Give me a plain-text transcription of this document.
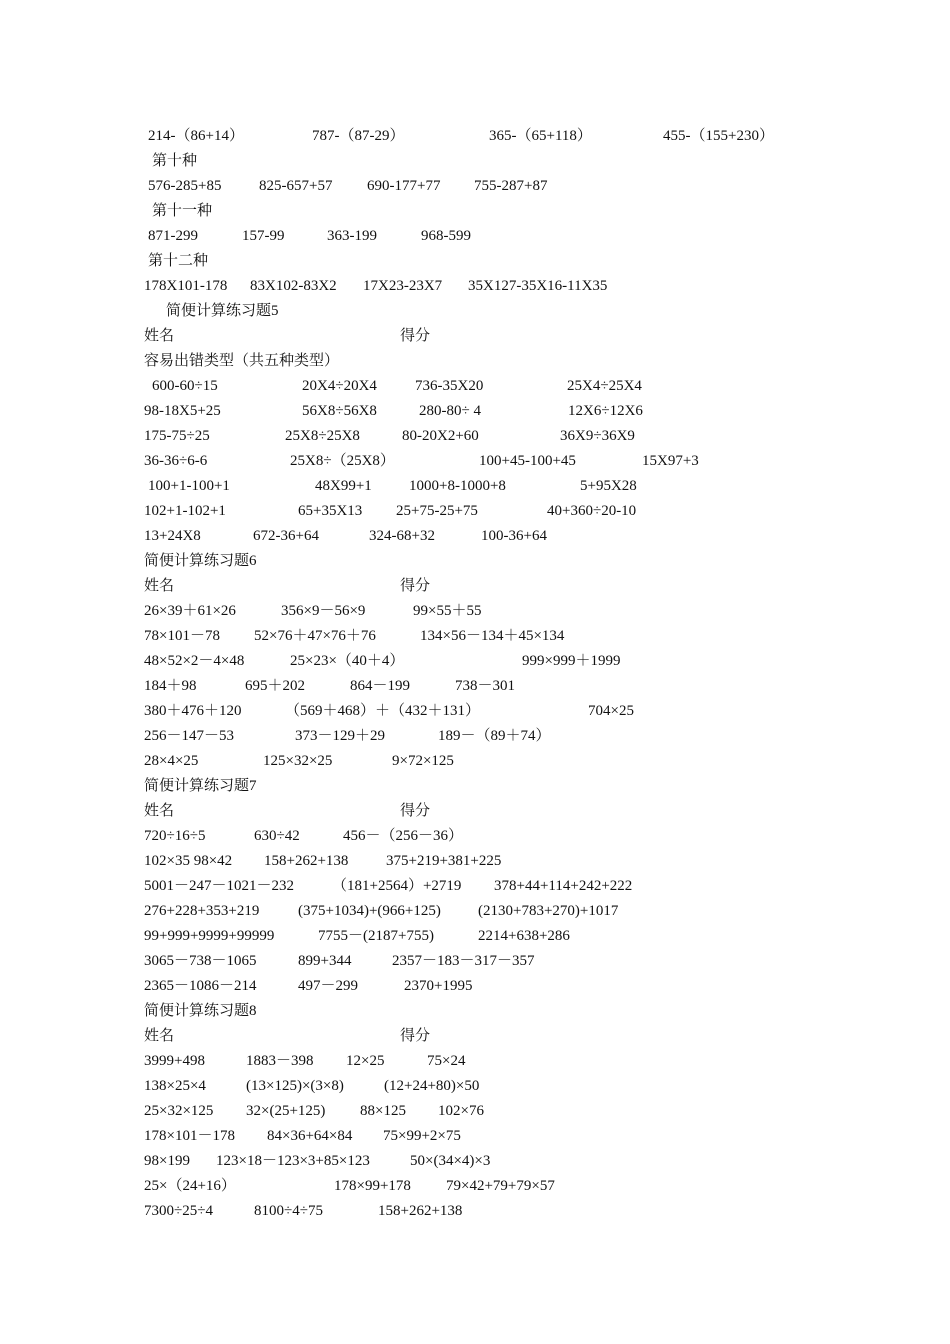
214-（86+14）	787-（87-29）	365-（65+118）	455-（155+230）
第十种
576-285+85	825-657+57 690-177+77 755-287+87
第十一种
871-299	157-99	363-199	968-599
第十二种
178X101-178 83X102-83X2 17X23-23X7 35X127-35X16-11X35
简便计算练习题5
姓名	得分
容易出错类型（共五种类型）
600-60÷15	20X4÷20X4	736-35X20	25X4÷25X4
98-18X5+25	56X8÷56X8	280-80÷ 4	12X6÷12X6
175-75÷25	25X8÷25X8	80-20X2+60	36X9÷36X9
36-36÷6-6	25X8÷（25X8）	100+45-100+45	15X97+3
100+1-100+1	48X99+1 1000+8-1000+8	5+95X28
102+1-102+1	65+35X13 25+75-25+75	40+360÷20-10
13+24X8	672-36+64	324-68+32	100-36+64
简便计算练习题6
姓名	得分
26×39＋61×26	356×9－56×9	99×55＋55
78×101－78 52×76＋47×76＋76	134×56－134＋45×134
48×52×2－4×48	25×23×（40＋4）	999×999＋1999
184＋98	695＋202	864－199	738－301
380＋476＋120	（569＋468）＋（432＋131）	704×25
256－147－53	373－129＋29	189－（89＋74）
28×4×25	125×32×25	9×72×125
简便计算练习题7
姓名	得分
720÷16÷5	630÷42	456－（256－36）
102×35 98×42 158+262+138	375+219+381+225
5001－247－1021－232	（181+2564）+2719 378+44+114+242+222
276+228+353+219	(375+1034)+(966+125) (2130+783+270)+1017
99+999+9999+99999	7755－(2187+755)	2214+638+286
3065－738－1065	899+344	2357－183－317－357
2365－1086－214	497－299	2370+1995
简便计算练习题8
姓名	得分
3999+498	1883－398 12×25	75×24
138×25×4	(13×125)×(3×8)	(12+24+80)×50
25×32×125 32×(25+125) 88×125 102×76
178×101－178 84×36+64×84 75×99+2×75
98×199 123×18－123×3+85×123	50×(34×4)×3
25×（24+16）	178×99+178 79×42+79+79×57
7300÷25÷4	8100÷4÷75	158+262+138
